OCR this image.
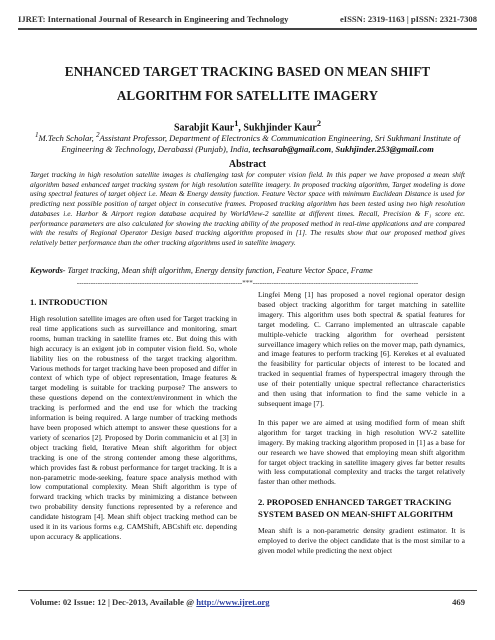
IJRET: International Journal of Research in Engineering and Technology	eISSN: 2319-1163 | pISSN: 2321-7308
ENHANCED TARGET TRACKING BASED ON MEAN SHIFT
ALGORITHM FOR SATELLITE IMAGERY
Sarabjit Kaur$^1$, Sukhjinder Kaur$^2$
$^1$M.Tech Scholar, $^2$Assistant Professor, Department of Electronics & Communication Engineering, Sri Sukhmani Institute of Engineering & Technology, Derabassi (Punjab), India, techsarab@gmail.com, Sukhjinder.253@gmail.com
Abstract
Target tracking in high resolution satellite images is challenging task for computer vision field. In this paper we have proposed a mean shift algorithm based enhanced target tracking system for high resolution satellite imagery. In proposed tracking algorithm, Target modeling is done using spectral features of target object i.e. Mean & Energy density function. Feature Vector space with minimum Euclidean Distance is used for predicting next possible position of target object in consecutive frames. Proposed tracking algorithm has been tested using two high resolution databases i.e. Harbor & Airport region database acquired by WorldView-2 satellite at different times. Recall, Precision & F₁ score etc. performance parameters are also calculated for showing the tracking ability of the proposed method in real-time applications and are compared with the results of Regional Operator Design based tracking algorithm proposed in [1]. The results show that our proposed method gives relatively better performance than the other tracking algorithms used in satellite imagery.
Keywords- Target tracking, Mean shift algorithm, Energy density function, Feature Vector Space, Frame
-----------------------------------------------------------------------***-----------------------------------------------------------------------
1. INTRODUCTION

High resolution satellite images are often used for Target tracking in real time applications such as surveillance and monitoring, smart rooms, human tracking in satellite frames etc. But doing this with high accuracy is an exigent job in computer vision field. So, whole liability lies on the robustness of the target tracking algorithm. Various methods for target tracking have been proposed and differ in context of which type of object representation, Image features & target modeling is suitable for tracking purpose? The answers to these questions depend on the context/environment in which the tracking is performed and the end use for which the tracking information is being required. A large number of tracking methods have been proposed which attempt to answer these questions for a variety of scenarios [2]. Proposed by Dorin commaniciu et al [3] in object tracking field, Iterative Mean shift algorithm for object tracking is one of the strong contender among these algorithms, which provides fast & robust performance for target tracking. It is a non-parametric mode-seeking, feature space analysis method with low computational complexity. Mean Shift algorithm is type of forward tracking which tracks by minimizing a distance between two probability density functions represented by a reference and candidate histogram [4]. Mean shift object tracking method can be used it in its various forms e.g. CAMShift, ABCshift etc. depending upon accuracy & applications.

Lingfei Meng [1] has proposed a novel regional operator design based object tracking algorithm for target matching in satellite imagery. This algorithm uses both spectral & spatial features for target modeling. C. Carrano implemented an ultrascale capable multiple-vehicle tracking algorithm for overhead persistent surveillance imagery which relies on the mover map, path dynamics, and image features to perform tracking [6]. Kerekes et al evaluated the feasibility for particular objects of interest to be located and tracked in sequential frames of hyperspectral imagery through the use of their potentially unique spectral reflectance characteristics and then using that information to find the same vehicle in a subsequent image [7].

In this paper we are aimed at using modified form of mean shift algorithm for target tracking in high resolution WV-2 satellite imagery. By making tracking algorithm proposed in [1] as a base for our research we have showed that employing mean shift algorithm for target object tracking in satellite imagery gives far better results with less computational complexity and tracks the target relatively faster than other methods.

2. PROPOSED ENHANCED TARGET TRACKING
SYSTEM BASED ON MEAN-SHIFT ALGORITHM

Mean shift is a non-parametric density gradient estimator. It is employed to derive the object candidate that is the most similar to a given model while predicting the next object

Volume: 02 Issue: 12 | Dec-2013, Available @ http://www.ijret.org	469
